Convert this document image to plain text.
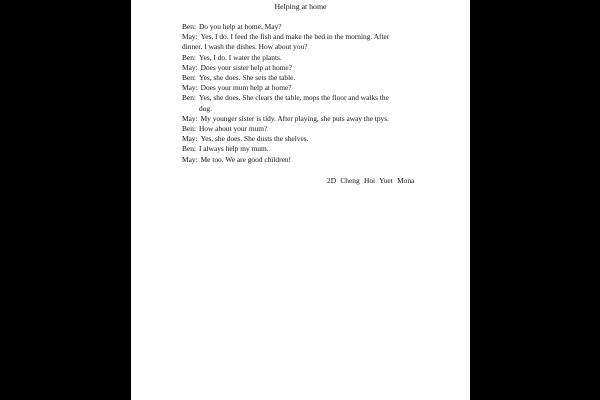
Helping at home
Ben: Do you help at home, May?
May: Yes, I do. I feed the fish and make the bed in the morning. After
dinner, I wash the dishes. How about you?
Ben: Yes, I do. I water the plants.
May: Does your sister help at home?
Ben: Yes, she does. She sets the table.
May: Does your mum help at home?
Ben: Yes, she does. She clears the table, mops the floor and walks the
dog.
May: My younger sister is tidy. After playing, she puts away the tpys.
Ben: How about your mum?
May: Yes, she does. She dusts the shelves.
Ben: I always help my mum.
May: Me too. We are good children!
2D Cheng Hoi Yuet Mona
